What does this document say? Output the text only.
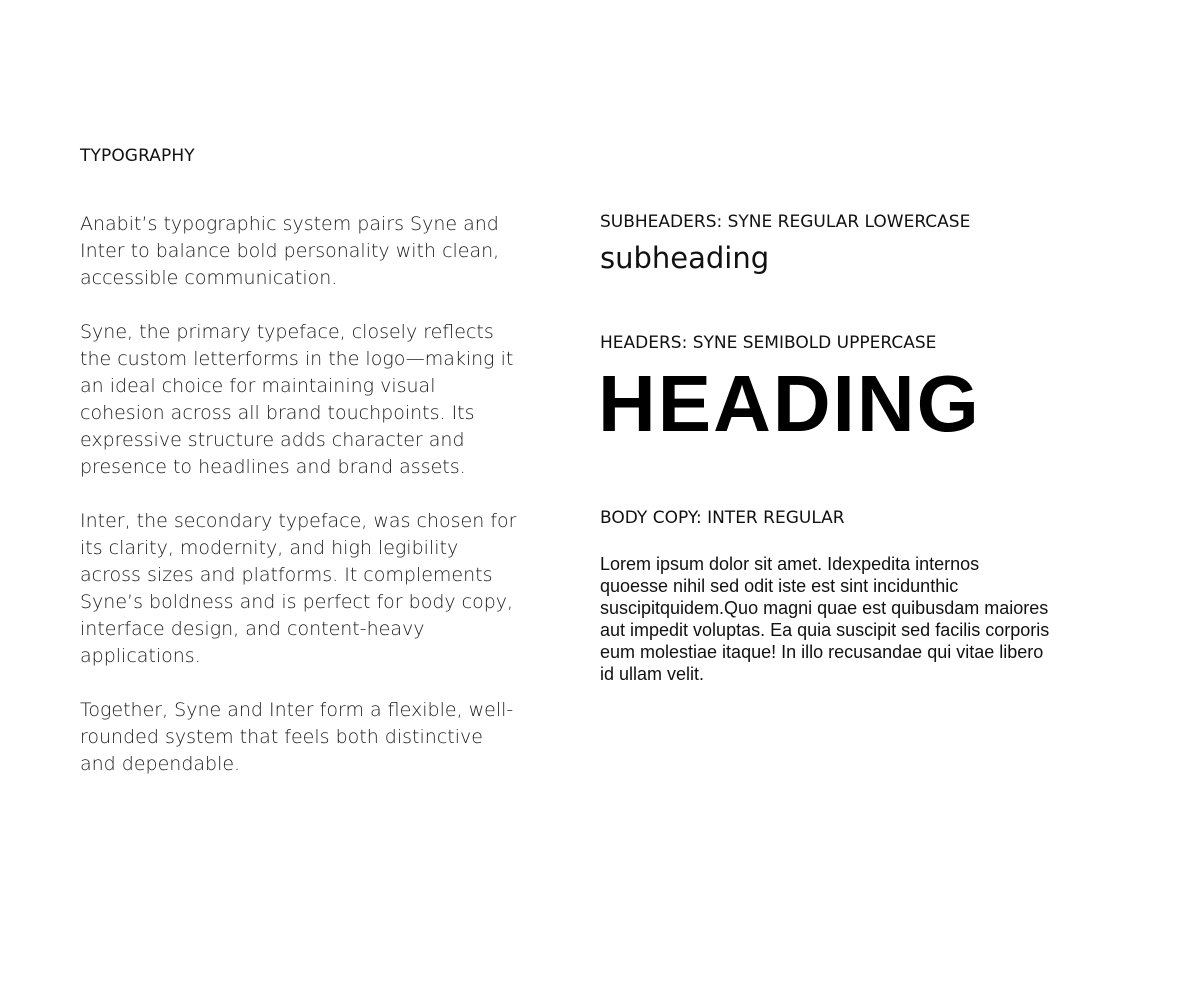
TYPOGRAPHY

Anabit’s typographic system pairs Syne and Inter to balance bold personality with clean, accessible communication.

Syne, the primary typeface, closely reflects the custom letterforms in the logo—making it an ideal choice for maintaining visual cohesion across all brand touchpoints. Its expressive structure adds character and presence to headlines and brand assets.

Inter, the secondary typeface, was chosen for its clarity, modernity, and high legibility across sizes and platforms. It complements Syne’s boldness and is perfect for body copy, interface design, and content-heavy applications.

Together, Syne and Inter form a flexible, well-rounded system that feels both distinctive and dependable.

SUBHEADERS: SYNE REGULAR LOWERCASE
subheading
HEADERS: SYNE SEMIBOLD UPPERCASE
HEADING
BODY COPY: INTER REGULAR

Lorem ipsum dolor sit amet. Idexpedita internos quoesse nihil sed odit iste est sint incidunthic suscipitquidem.Quo magni quae est quibusdam maiores aut impedit voluptas. Ea quia suscipit sed facilis corporis eum molestiae itaque! In illo recusandae qui vitae libero id ullam velit.
